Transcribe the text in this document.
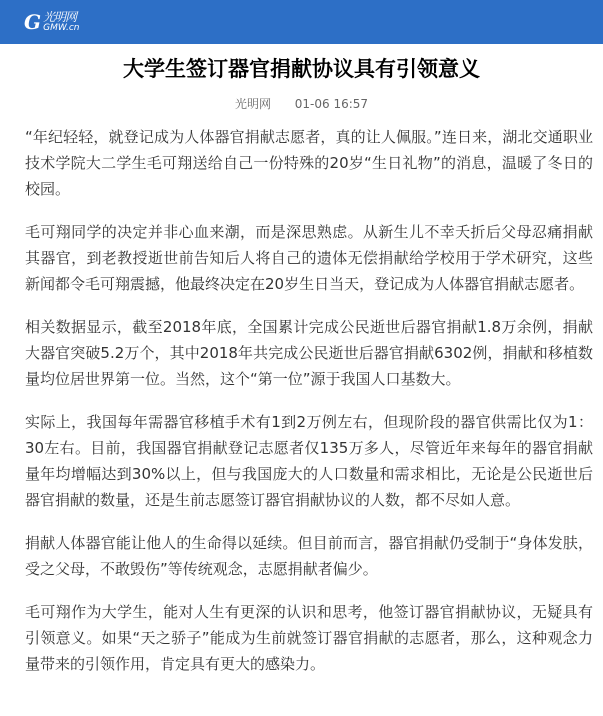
G 光明网
GMW.cn
大学生签订器官捐献协议具有引领意义
光明网 01-06 16:57

“年纪轻轻，就登记成为人体器官捐献志愿者，真的让人佩服。”连日来，湖北交通职业技术学院大二学生毛可翔送给自己一份特殊的20岁“生日礼物”的消息，温暖了冬日的校园。

毛可翔同学的决定并非心血来潮，而是深思熟虑。从新生儿不幸夭折后父母忍痛捐献其器官，到老教授逝世前告知后人将自己的遗体无偿捐献给学校用于学术研究，这些新闻都令毛可翔震撼，他最终决定在20岁生日当天，登记成为人体器官捐献志愿者。

相关数据显示，截至2018年底，全国累计完成公民逝世后器官捐献1.8万余例，捐献大器官突破5.2万个，其中2018年共完成公民逝世后器官捐献6302例，捐献和移植数量均位居世界第一位。当然，这个“第一位”源于我国人口基数大。

实际上，我国每年需器官移植手术有1到2万例左右，但现阶段的器官供需比仅为1：30左右。目前，我国器官捐献登记志愿者仅135万多人，尽管近年来每年的器官捐献量年均增幅达到30%以上，但与我国庞大的人口数量和需求相比，无论是公民逝世后器官捐献的数量，还是生前志愿签订器官捐献协议的人数，都不尽如人意。

捐献人体器官能让他人的生命得以延续。但目前而言，器官捐献仍受制于“身体发肤，受之父母，不敢毁伤”等传统观念，志愿捐献者偏少。

毛可翔作为大学生，能对人生有更深的认识和思考，他签订器官捐献协议，无疑具有引领意义。如果“天之骄子”能成为生前就签订器官捐献的志愿者，那么，这种观念力量带来的引领作用，肯定具有更大的感染力。
